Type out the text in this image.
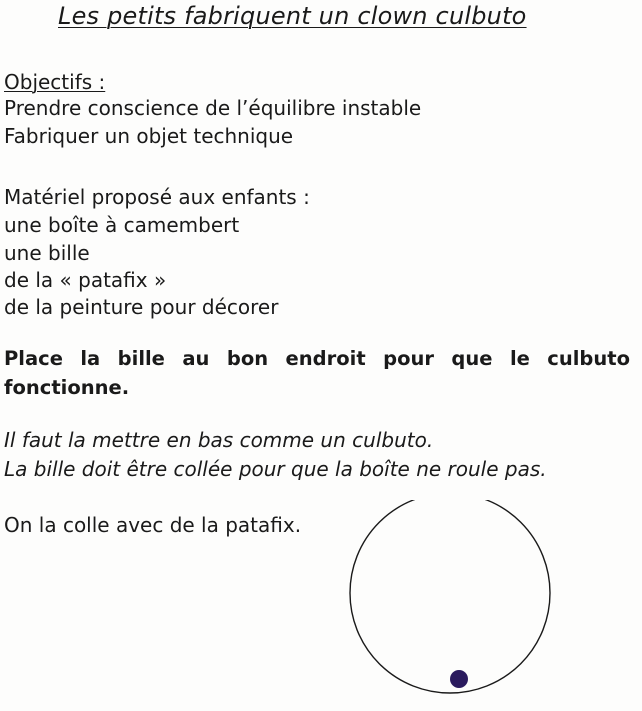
Les petits fabriquent un clown culbuto
Objectifs :
Prendre conscience de l’équilibre instable
Fabriquer un objet technique
Matériel proposé aux enfants :
une boîte à camembert
une bille
de la « patafix »
de la peinture pour décorer
Place la bille au bon endroit pour que le culbuto fonctionne.
Il faut la mettre en bas comme un culbuto.
La bille doit être collée pour que la boîte ne roule pas.
On la colle avec de la patafix.
